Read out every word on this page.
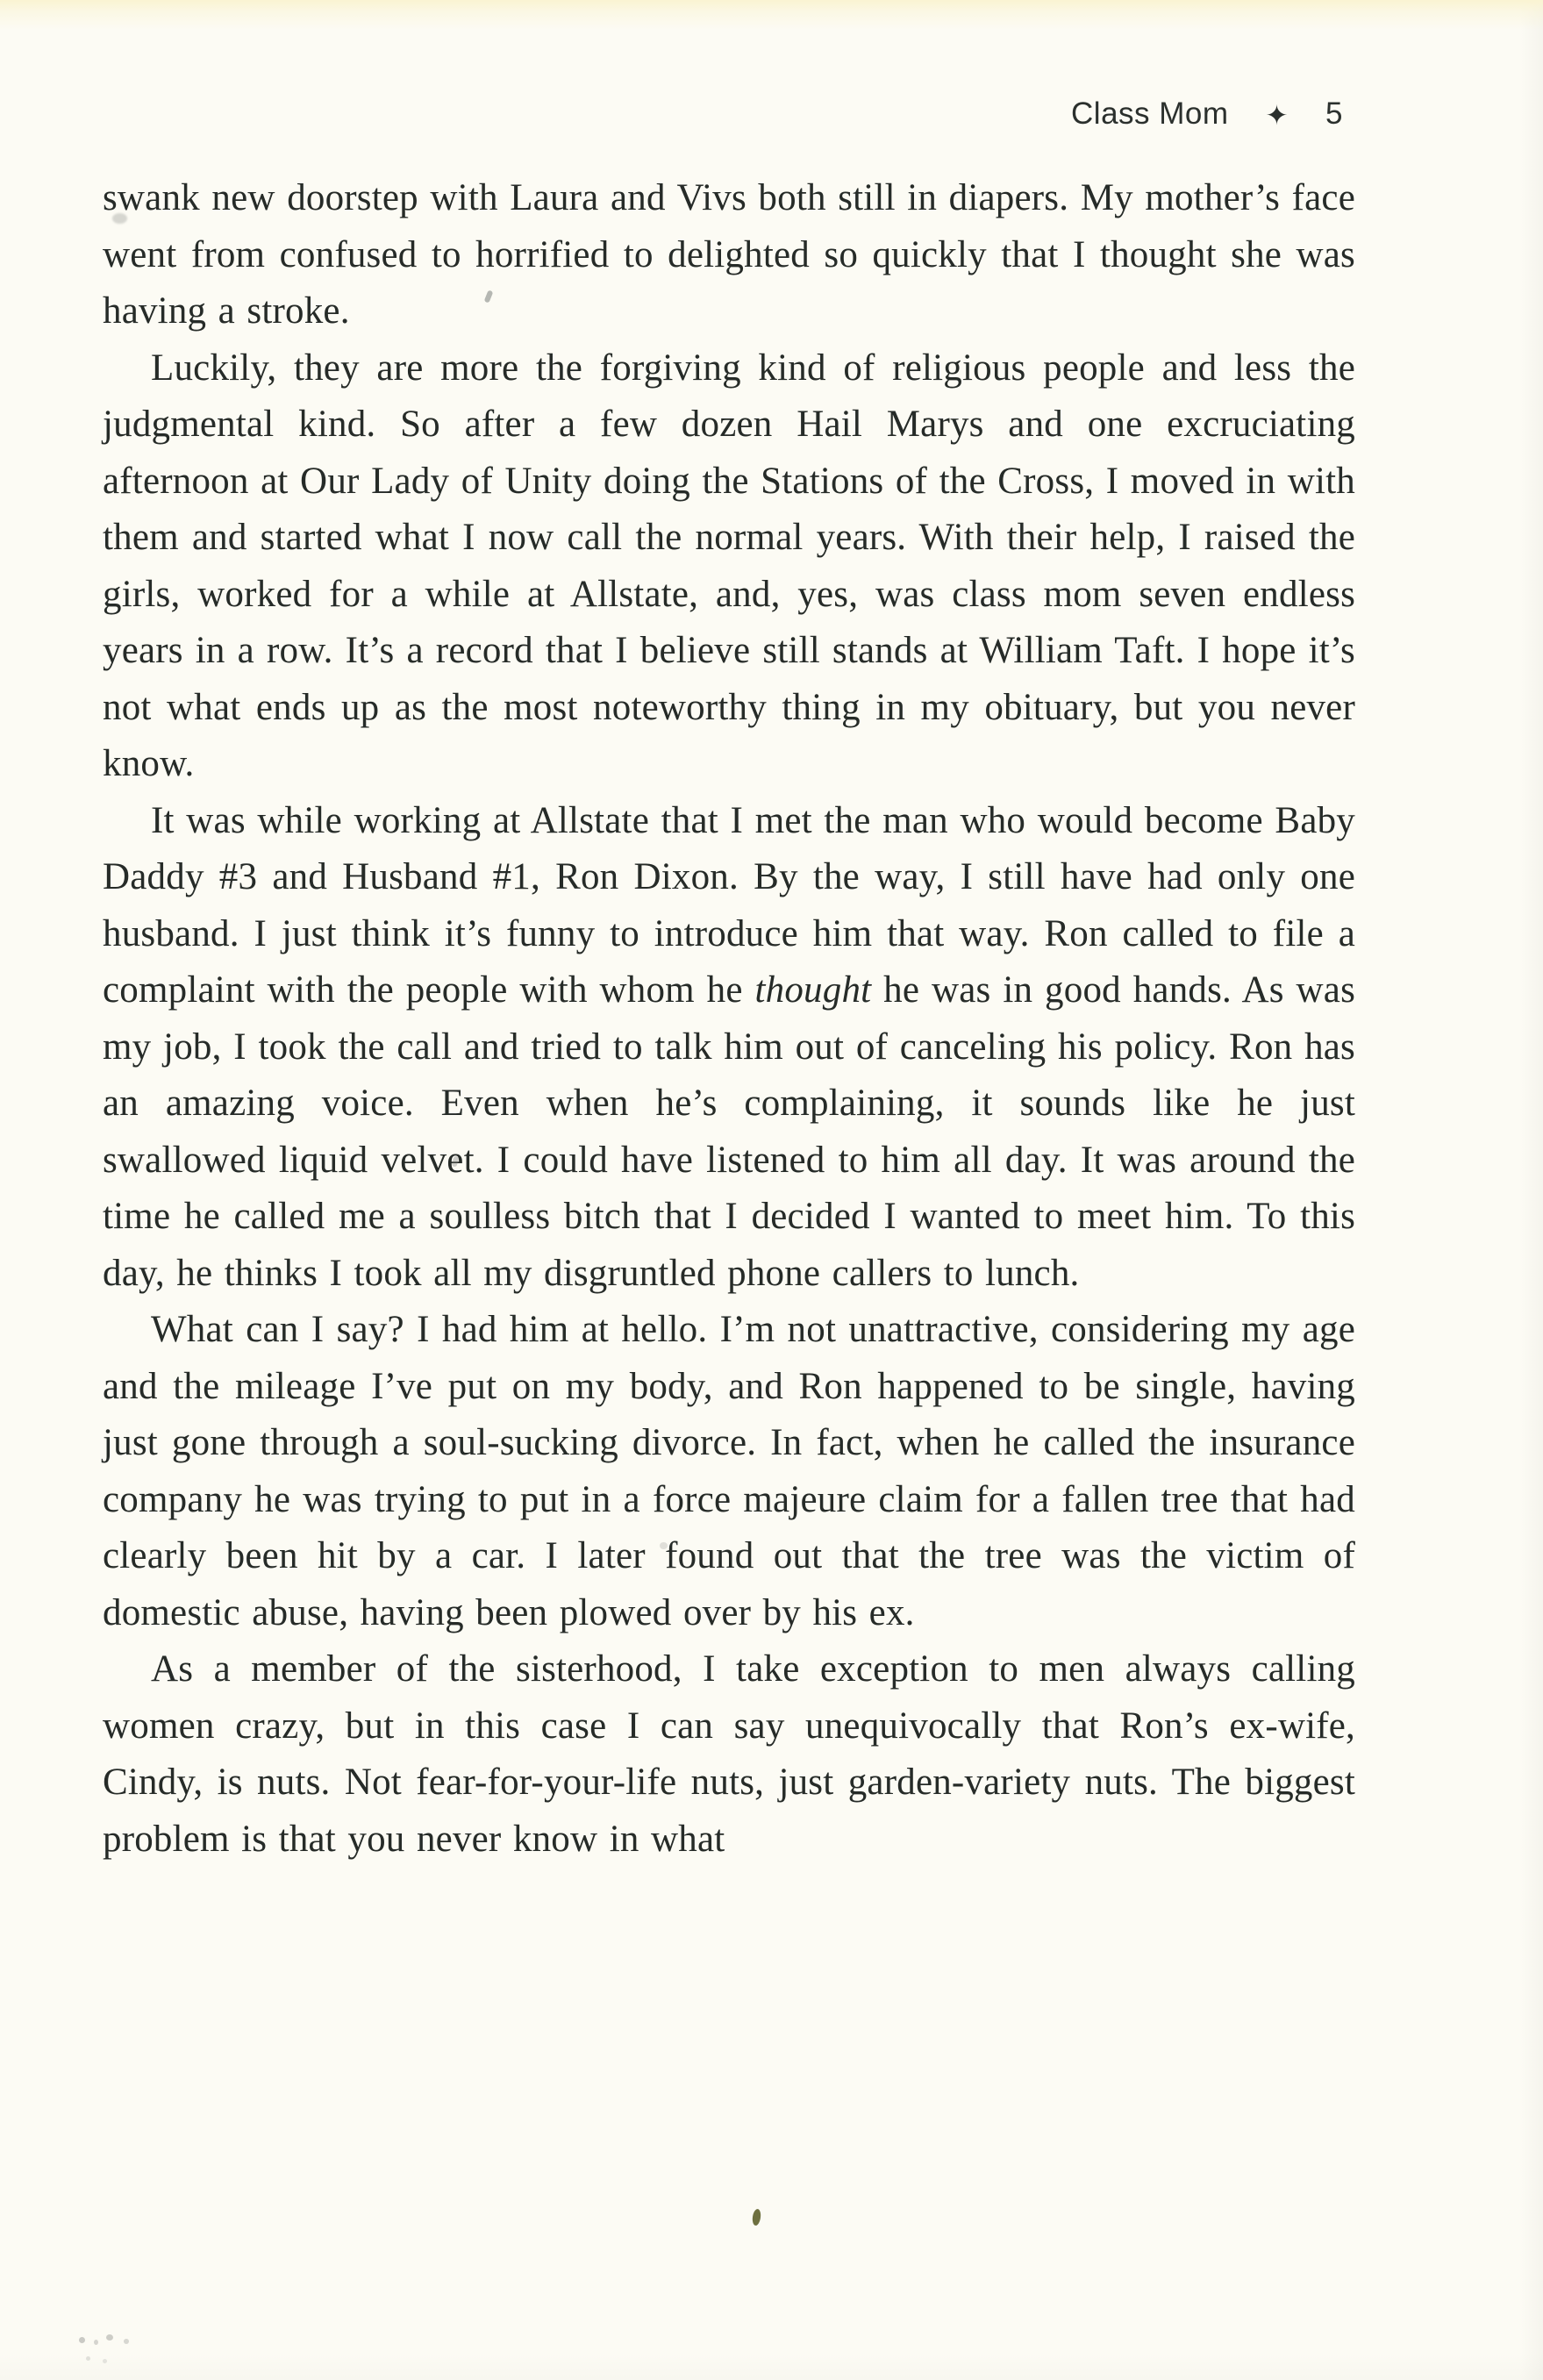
Class Mom ✦ 5

swank new doorstep with Laura and Vivs both still in diapers. My mother’s face went from confused to horrified to delighted so quickly that I thought she was having a stroke.

Luckily, they are more the forgiving kind of religious people and less the judgmental kind. So after a few dozen Hail Marys and one excruciating afternoon at Our Lady of Unity doing the Stations of the Cross, I moved in with them and started what I now call the normal years. With their help, I raised the girls, worked for a while at Allstate, and, yes, was class mom seven endless years in a row. It’s a record that I believe still stands at William Taft. I hope it’s not what ends up as the most noteworthy thing in my obituary, but you never know.

It was while working at Allstate that I met the man who would become Baby Daddy #3 and Husband #1, Ron Dixon. By the way, I still have had only one husband. I just think it’s funny to introduce him that way. Ron called to file a complaint with the people with whom he thought he was in good hands. As was my job, I took the call and tried to talk him out of canceling his policy. Ron has an amazing voice. Even when he’s complaining, it sounds like he just swallowed liquid velvet. I could have listened to him all day. It was around the time he called me a soulless bitch that I decided I wanted to meet him. To this day, he thinks I took all my disgruntled phone callers to lunch.

What can I say? I had him at hello. I’m not unattractive, considering my age and the mileage I’ve put on my body, and Ron happened to be single, having just gone through a soul-sucking divorce. In fact, when he called the insurance company he was trying to put in a force majeure claim for a fallen tree that had clearly been hit by a car. I later found out that the tree was the victim of domestic abuse, having been plowed over by his ex.

As a member of the sisterhood, I take exception to men always calling women crazy, but in this case I can say unequivocally that Ron’s ex-wife, Cindy, is nuts. Not fear-for-your-life nuts, just garden-variety nuts. The biggest problem is that you never know in what
